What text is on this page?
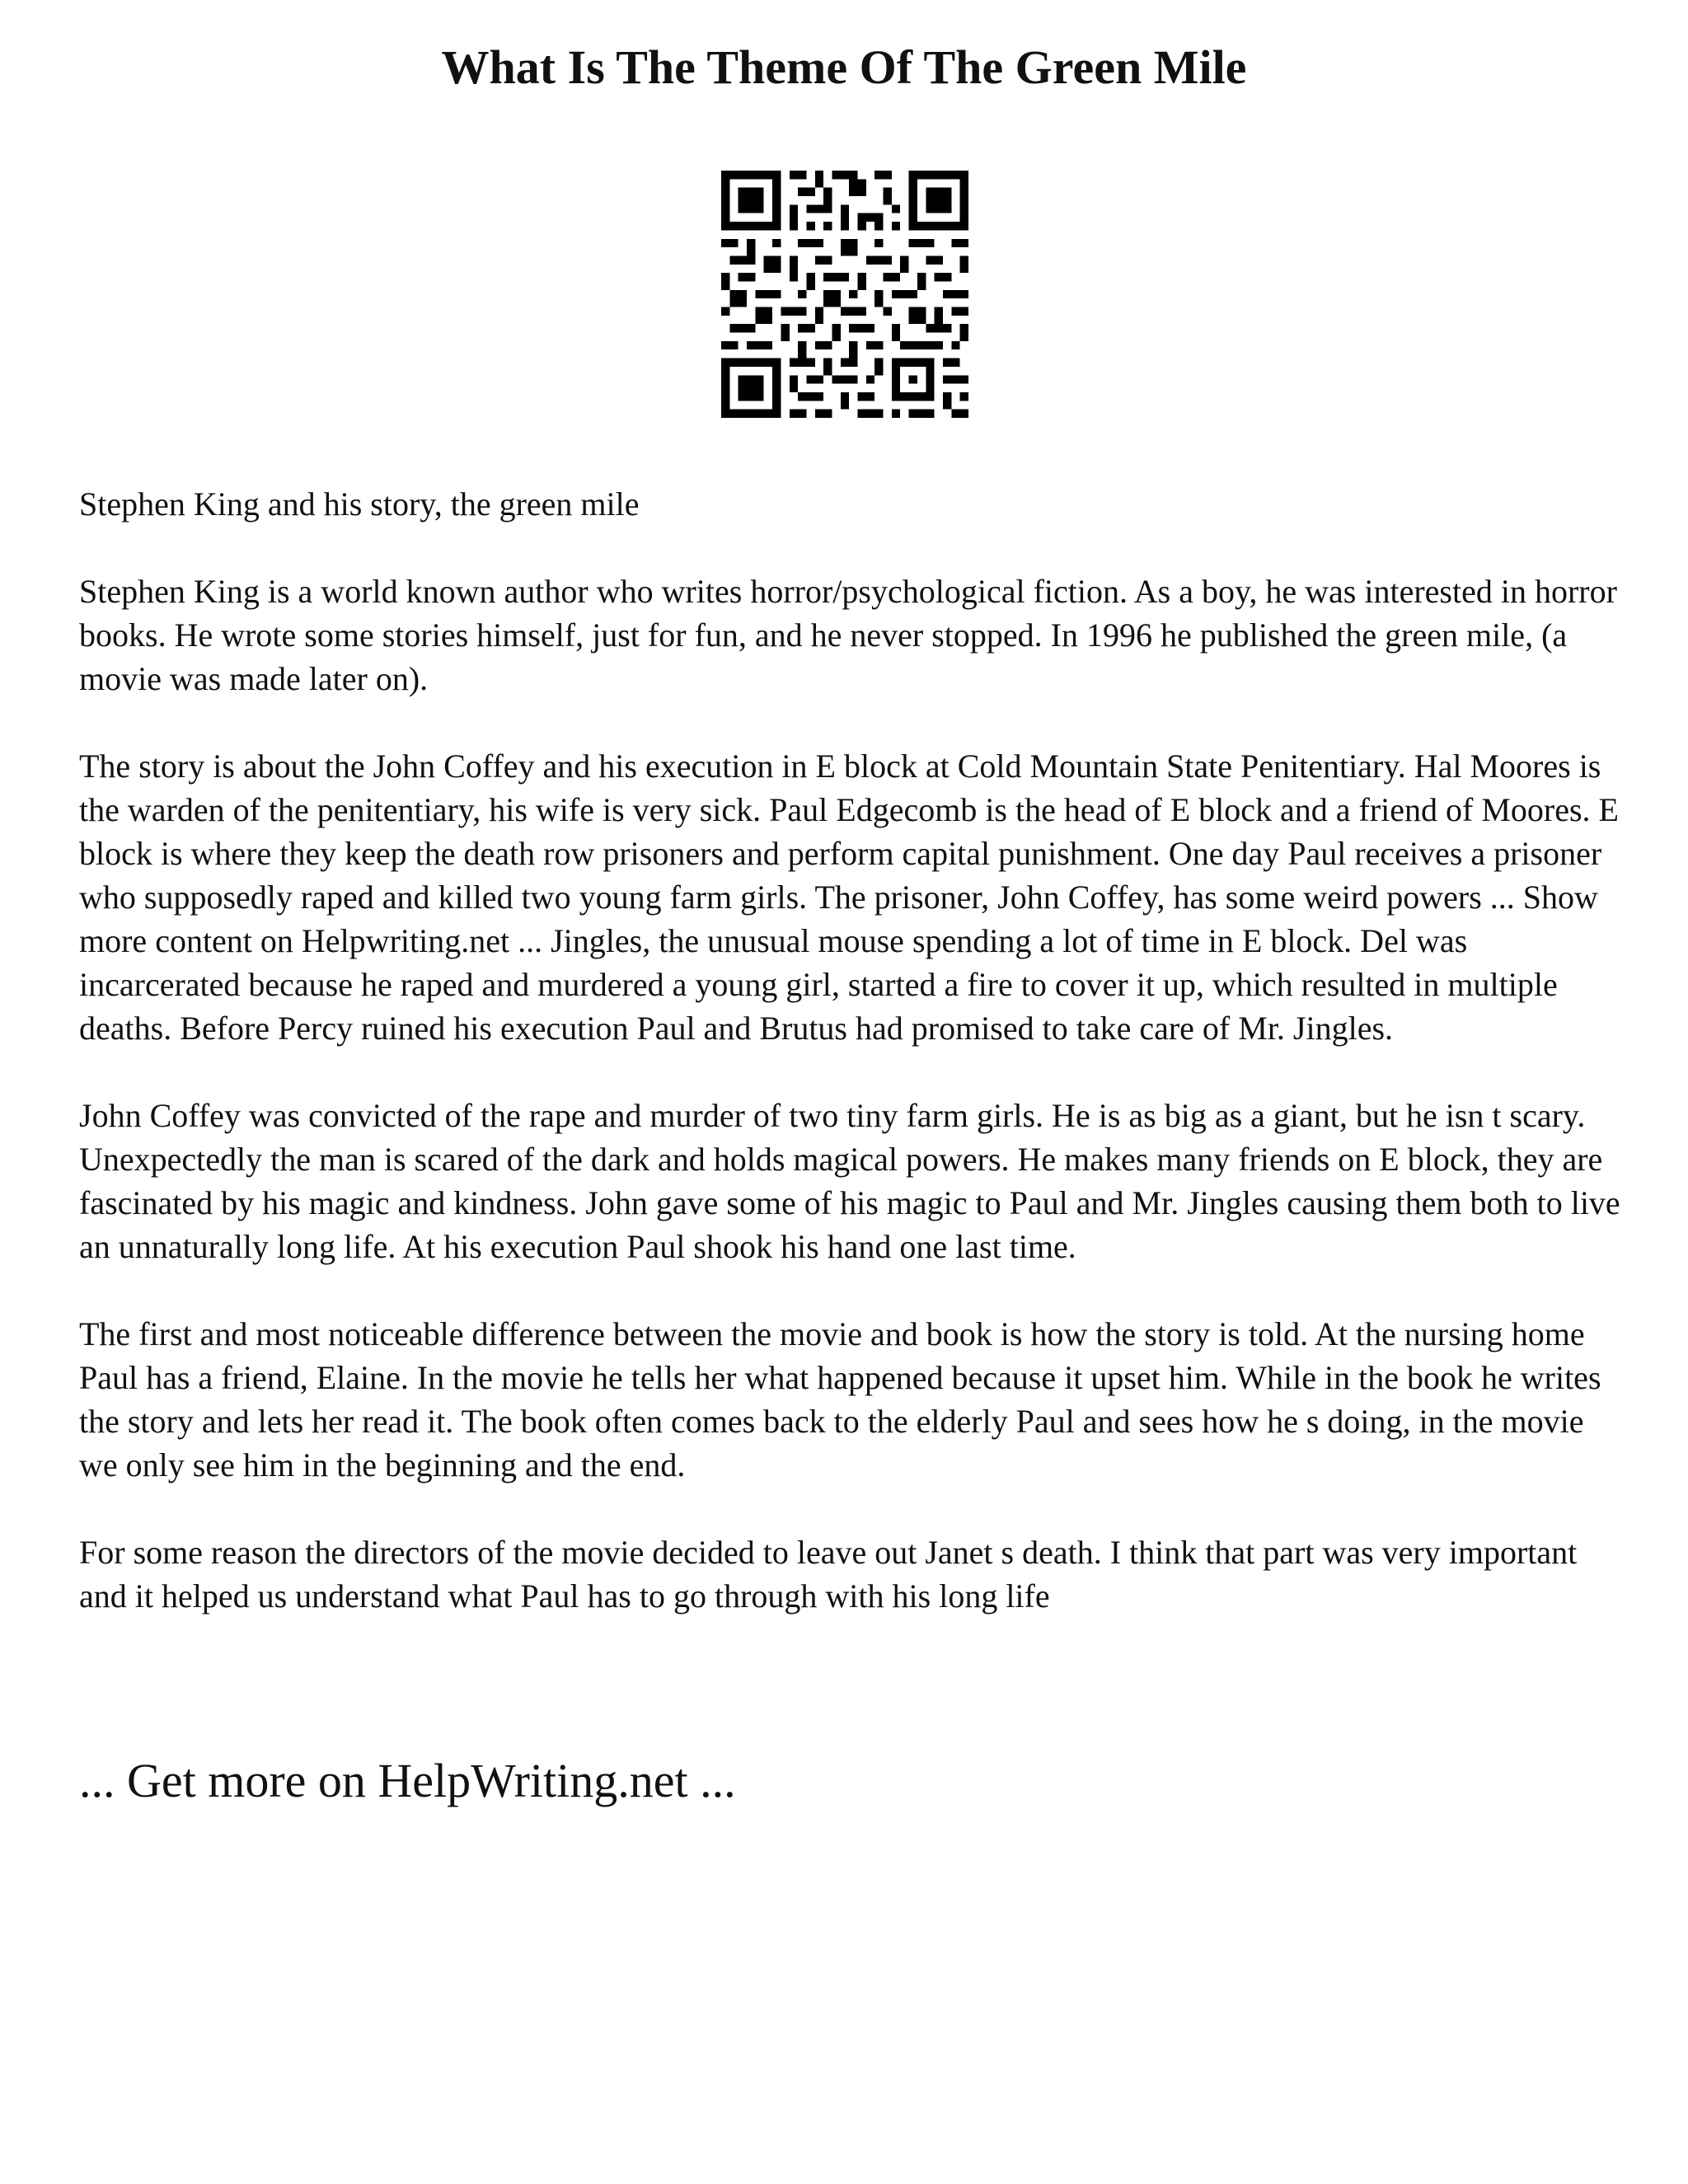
What Is The Theme Of The Green Mile

Stephen King and his story, the green mile

Stephen King is a world known author who writes horror/psychological fiction. As a boy, he was interested in horror books. He wrote some stories himself, just for fun, and he never stopped. In 1996 he published the green mile, (a movie was made later on).

The story is about the John Coffey and his execution in E block at Cold Mountain State Penitentiary. Hal Moores is the warden of the penitentiary, his wife is very sick. Paul Edgecomb is the head of E block and a friend of Moores. E block is where they keep the death row prisoners and perform capital punishment. One day Paul receives a prisoner who supposedly raped and killed two young farm girls. The prisoner, John Coffey, has some weird powers ... Show more content on Helpwriting.net ... Jingles, the unusual mouse spending a lot of time in E block. Del was incarcerated because he raped and murdered a young girl, started a fire to cover it up, which resulted in multiple deaths. Before Percy ruined his execution Paul and Brutus had promised to take care of Mr. Jingles.

John Coffey was convicted of the rape and murder of two tiny farm girls. He is as big as a giant, but he isn t scary. Unexpectedly the man is scared of the dark and holds magical powers. He makes many friends on E block, they are fascinated by his magic and kindness. John gave some of his magic to Paul and Mr. Jingles causing them both to live an unnaturally long life. At his execution Paul shook his hand one last time.

The first and most noticeable difference between the movie and book is how the story is told. At the nursing home Paul has a friend, Elaine. In the movie he tells her what happened because it upset him. While in the book he writes the story and lets her read it. The book often comes back to the elderly Paul and sees how he s doing, in the movie we only see him in the beginning and the end.

For some reason the directors of the movie decided to leave out Janet s death. I think that part was very important and it helped us understand what Paul has to go through with his long life

... Get more on HelpWriting.net ...
